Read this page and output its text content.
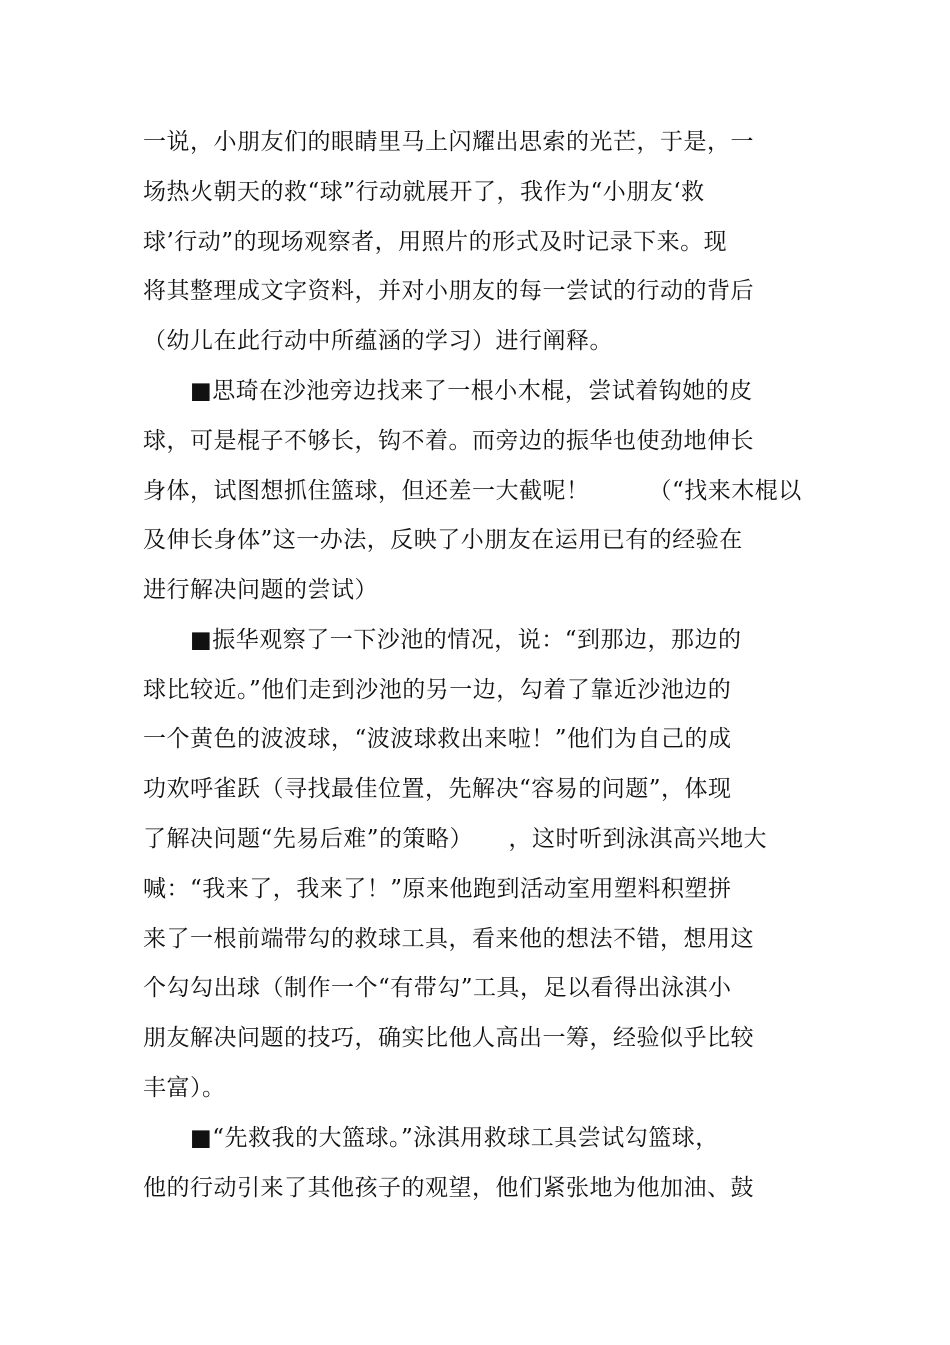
一说，小朋友们的眼睛里马上闪耀出思索的光芒，于是，一
场热火朝天的救“球”行动就展开了，我作为“小朋友‘救
球’行动”的现场观察者，用照片的形式及时记录下来。现
将其整理成文字资料，并对小朋友的每一尝试的行动的背后
（幼儿在此行动中所蕴涵的学习）进行阐释。
■思琦在沙池旁边找来了一根小木棍，尝试着钩她的皮
球，可是棍子不够长，钩不着。而旁边的振华也使劲地伸长
身体，试图想抓住篮球，但还差一大截呢！　　　（“找来木棍以
及伸长身体”这一办法，反映了小朋友在运用已有的经验在
进行解决问题的尝试）
■振华观察了一下沙池的情况，说：“到那边，那边的
球比较近。”他们走到沙池的另一边，勾着了靠近沙池边的
一个黄色的波波球，“波波球救出来啦！”他们为自己的成
功欢呼雀跃（寻找最佳位置，先解决“容易的问题”，体现
了解决问题“先易后难”的策略）　　，这时听到泳淇高兴地大
喊：“我来了，我来了！”原来他跑到活动室用塑料积塑拼
来了一根前端带勾的救球工具，看来他的想法不错，想用这
个勾勾出球（制作一个“有带勾”工具，足以看得出泳淇小
朋友解决问题的技巧，确实比他人高出一筹，经验似乎比较
丰富）。
■“先救我的大篮球。”泳淇用救球工具尝试勾篮球，
他的行动引来了其他孩子的观望，他们紧张地为他加油、鼓
